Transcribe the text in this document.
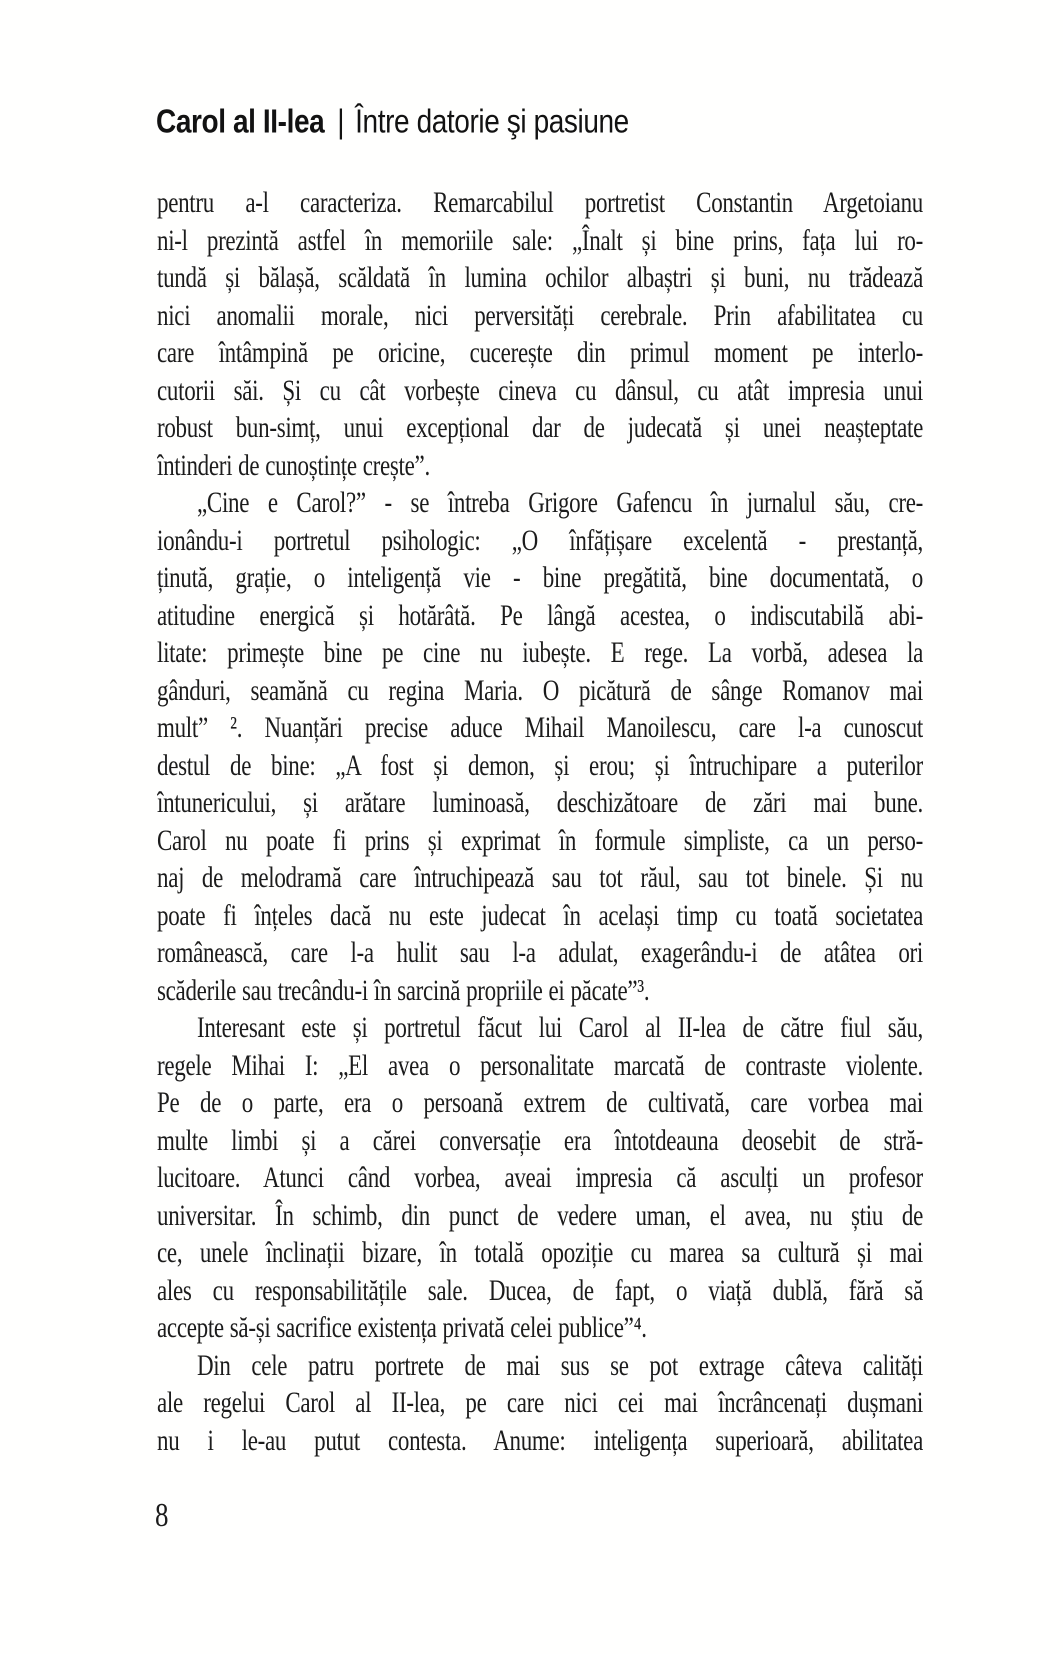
Carol al II-lea | Între datorie şi pasiune
pentru a-l caracteriza. Remarcabilul portretist Constantin Argetoianu
ni-l prezintă astfel în memoriile sale: „Înalt și bine prins, fața lui ro-
tundă și bălașă, scăldată în lumina ochilor albaștri și buni, nu trădează
nici anomalii morale, nici perversități cerebrale. Prin afabilitatea cu
care întâmpină pe oricine, cucerește din primul moment pe interlo-
cutorii săi. Și cu cât vorbește cineva cu dânsul, cu atât impresia unui
robust bun-simț, unui excepțional dar de judecată și unei neașteptate
întinderi de cunoștințe crește”.
„Cine e Carol?” - se întreba Grigore Gafencu în jurnalul său, cre-
ionându-i portretul psihologic: „O înfățișare excelentă - prestanță,
ținută, grație, o inteligență vie - bine pregătită, bine documentată, o
atitudine energică și hotărâtă. Pe lângă acestea, o indiscutabilă abi-
litate: primește bine pe cine nu iubește. E rege. La vorbă, adesea la
gânduri, seamănă cu regina Maria. O picătură de sânge Romanov mai
mult” ². Nuanțări precise aduce Mihail Manoilescu, care l-a cunoscut
destul de bine: „A fost și demon, și erou; și întruchipare a puterilor
întunericului, și arătare luminoasă, deschizătoare de zări mai bune.
Carol nu poate fi prins și exprimat în formule simpliste, ca un perso-
naj de melodramă care întruchipează sau tot răul, sau tot binele. Și nu
poate fi înțeles dacă nu este judecat în același timp cu toată societatea
românească, care l-a hulit sau l-a adulat, exagerându-i de atâtea ori
scăderile sau trecându-i în sarcină propriile ei păcate”³.
Interesant este și portretul făcut lui Carol al II-lea de către fiul său,
regele Mihai I: „El avea o personalitate marcată de contraste violente.
Pe de o parte, era o persoană extrem de cultivată, care vorbea mai
multe limbi și a cărei conversație era întotdeauna deosebit de stră-
lucitoare. Atunci când vorbea, aveai impresia că asculți un profesor
universitar. În schimb, din punct de vedere uman, el avea, nu știu de
ce, unele înclinații bizare, în totală opoziție cu marea sa cultură și mai
ales cu responsabilitățile sale. Ducea, de fapt, o viață dublă, fără să
accepte să-și sacrifice existența privată celei publice”⁴.
Din cele patru portrete de mai sus se pot extrage câteva calități
ale regelui Carol al II-lea, pe care nici cei mai încrâncenați dușmani
nu i le-au putut contesta. Anume: inteligența superioară, abilitatea
8
